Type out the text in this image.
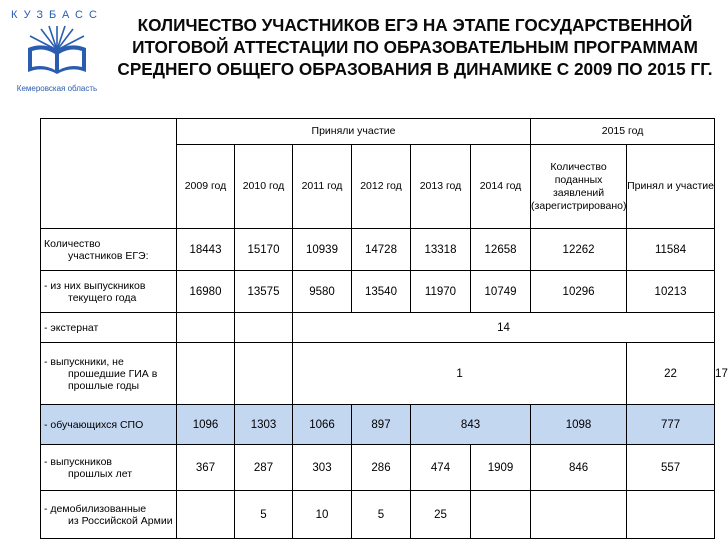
КУЗБАСС
Кемеровская область
КОЛИЧЕСТВО УЧАСТНИКОВ ЕГЭ НА ЭТАПЕ ГОСУДАРСТВЕННОЙ ИТОГОВОЙ АТТЕСТАЦИИ ПО ОБРАЗОВАТЕЛЬНЫМ ПРОГРАММАМ СРЕДНЕГО ОБЩЕГО ОБРАЗОВАНИЯ В ДИНАМИКЕ С 2009 ПО 2015 ГГ.
	Приняли участие						2015 год		
	2009 год	2010 год	2011 год	2012 год	2013 год	2014 год	Количество поданных заявлений (зарегистрировано)	Принял и участие	
Количество
участников ЕГЭ:	18443	15170	10939	14728	13318	12658	12262	11584	
- из них выпускников
текущего года	16980	13575	9580	13540	11970	10749	10296	10213	
- экстернат			14						
- выпускники, не
прошедшие ГИА в прошлые годы			1					22	17
- обучающихся СПО	1096	1303	1066	897	843		1098	777	
- выпускников
прошлых лет	367	287	303	286	474	1909	846	557	
- демобилизованные
из Российской Армии		5	10	5	25				
